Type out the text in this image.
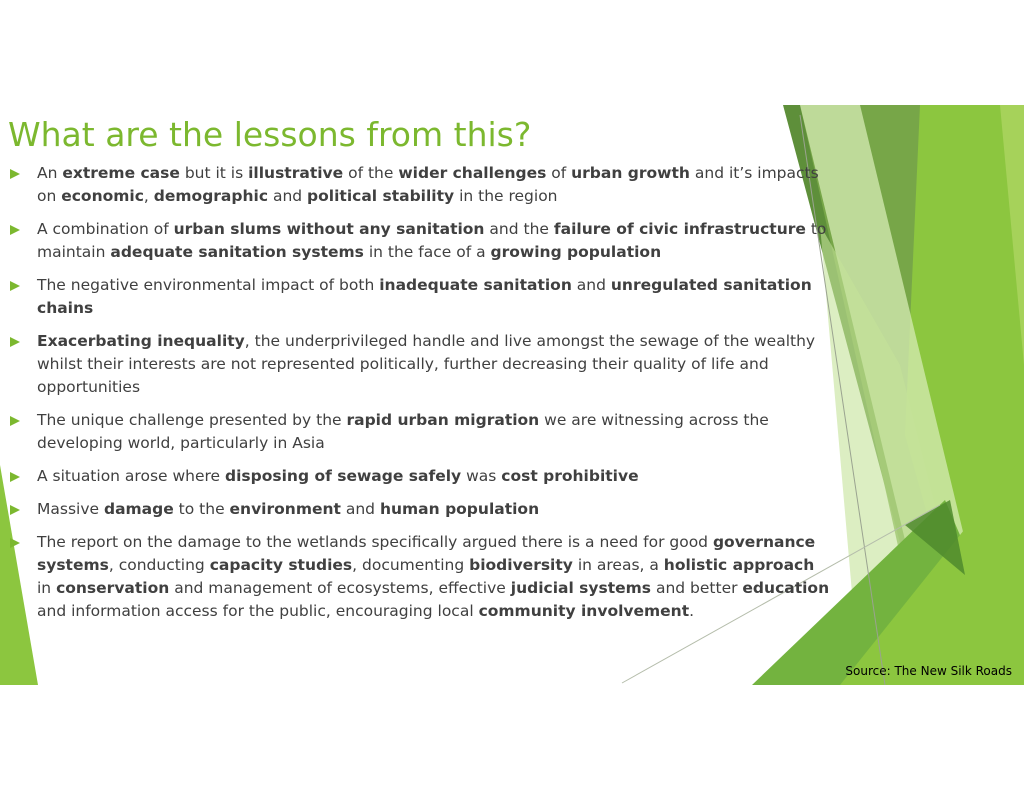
What are the lessons from this?
An extreme case but it is illustrative of the wider challenges of urban growth and it’s impacts on economic, demographic and political stability in the region
A combination of urban slums without any sanitation and the failure of civic infrastructure to maintain adequate sanitation systems in the face of a growing population
The negative environmental impact of both inadequate sanitation and unregulated sanitation chains
Exacerbating inequality, the underprivileged handle and live amongst the sewage of the wealthy whilst their interests are not represented politically, further decreasing their quality of life and opportunities
The unique challenge presented by the rapid urban migration we are witnessing across the developing world, particularly in Asia
A situation arose where disposing of sewage safely was cost prohibitive
Massive damage to the environment and human population
The report on the damage to the wetlands specifically argued there is a need for good governance systems, conducting capacity studies, documenting biodiversity in areas, a holistic approach in conservation and management of ecosystems, effective judicial systems and better education and information access for the public, encouraging local community involvement.

Source: The New Silk Roads
